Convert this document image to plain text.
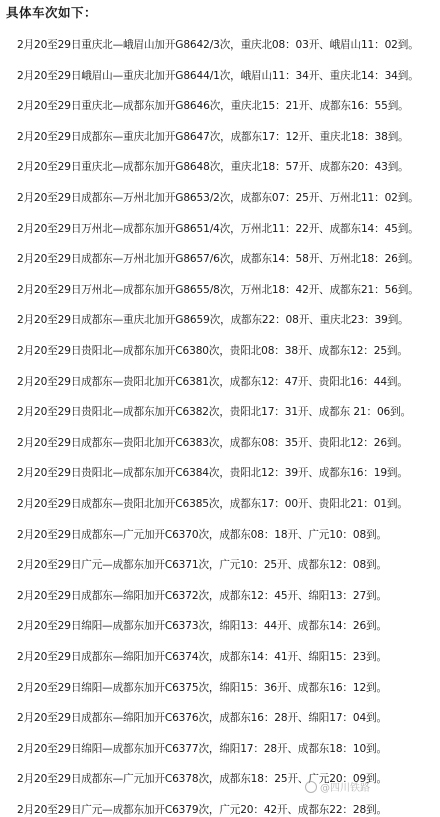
具体车次如下：
2月20至29日重庆北—峨眉山加开G8642/3次，重庆北08：03开、峨眉山11：02到。
2月20至29日峨眉山—重庆北加开G8644/1次，峨眉山11：34开、重庆北14：34到。
2月20至29日重庆北—成都东加开G8646次，重庆北15：21开、成都东16：55到。
2月20至29日成都东—重庆北加开G8647次，成都东17：12开、重庆北18：38到。
2月20至29日重庆北—成都东加开G8648次，重庆北18：57开、成都东20：43到。
2月20至29日成都东—万州北加开G8653/2次，成都东07：25开、万州北11：02到。
2月20至29日万州北—成都东加开G8651/4次，万州北11：22开、成都东14：45到。
2月20至29日成都东—万州北加开G8657/6次，成都东14：58开、万州北18：26到。
2月20至29日万州北—成都东加开G8655/8次，万州北18：42开、成都东21：56到。
2月20至29日成都东—重庆北加开G8659次，成都东22：08开、重庆北23：39到。
2月20至29日贵阳北—成都东加开C6380次，贵阳北08：38开、成都东12：25到。
2月20至29日成都东—贵阳北加开C6381次，成都东12：47开、贵阳北16：44到。
2月20至29日贵阳北—成都东加开C6382次，贵阳北17：31开、成都东 21：06到。
2月20至29日成都东—贵阳北加开C6383次，成都东08：35开、贵阳北12：26到。
2月20至29日贵阳北—成都东加开C6384次，贵阳北12：39开、成都东16：19到。
2月20至29日成都东—贵阳北加开C6385次，成都东17：00开、贵阳北21：01到。
2月20至29日成都东—广元加开C6370次，成都东08：18开、广元10：08到。
2月20至29日广元—成都东加开C6371次，广元10：25开、成都东12：08到。
2月20至29日成都东—绵阳加开C6372次，成都东12：45开、绵阳13：27到。
2月20至29日绵阳—成都东加开C6373次，绵阳13：44开、成都东14：26到。
2月20至29日成都东—绵阳加开C6374次，成都东14：41开、绵阳15：23到。
2月20至29日绵阳—成都东加开C6375次，绵阳15：36开、成都东16：12到。
2月20至29日成都东—绵阳加开C6376次，成都东16：28开、绵阳17：04到。
2月20至29日绵阳—成都东加开C6377次，绵阳17：28开、成都东18：10到。
2月20至29日成都东—广元加开C6378次，成都东18：25开、广元20：09到。
2月20至29日广元—成都东加开C6379次，广元20：42开、成都东22：28到。
@四川铁路
